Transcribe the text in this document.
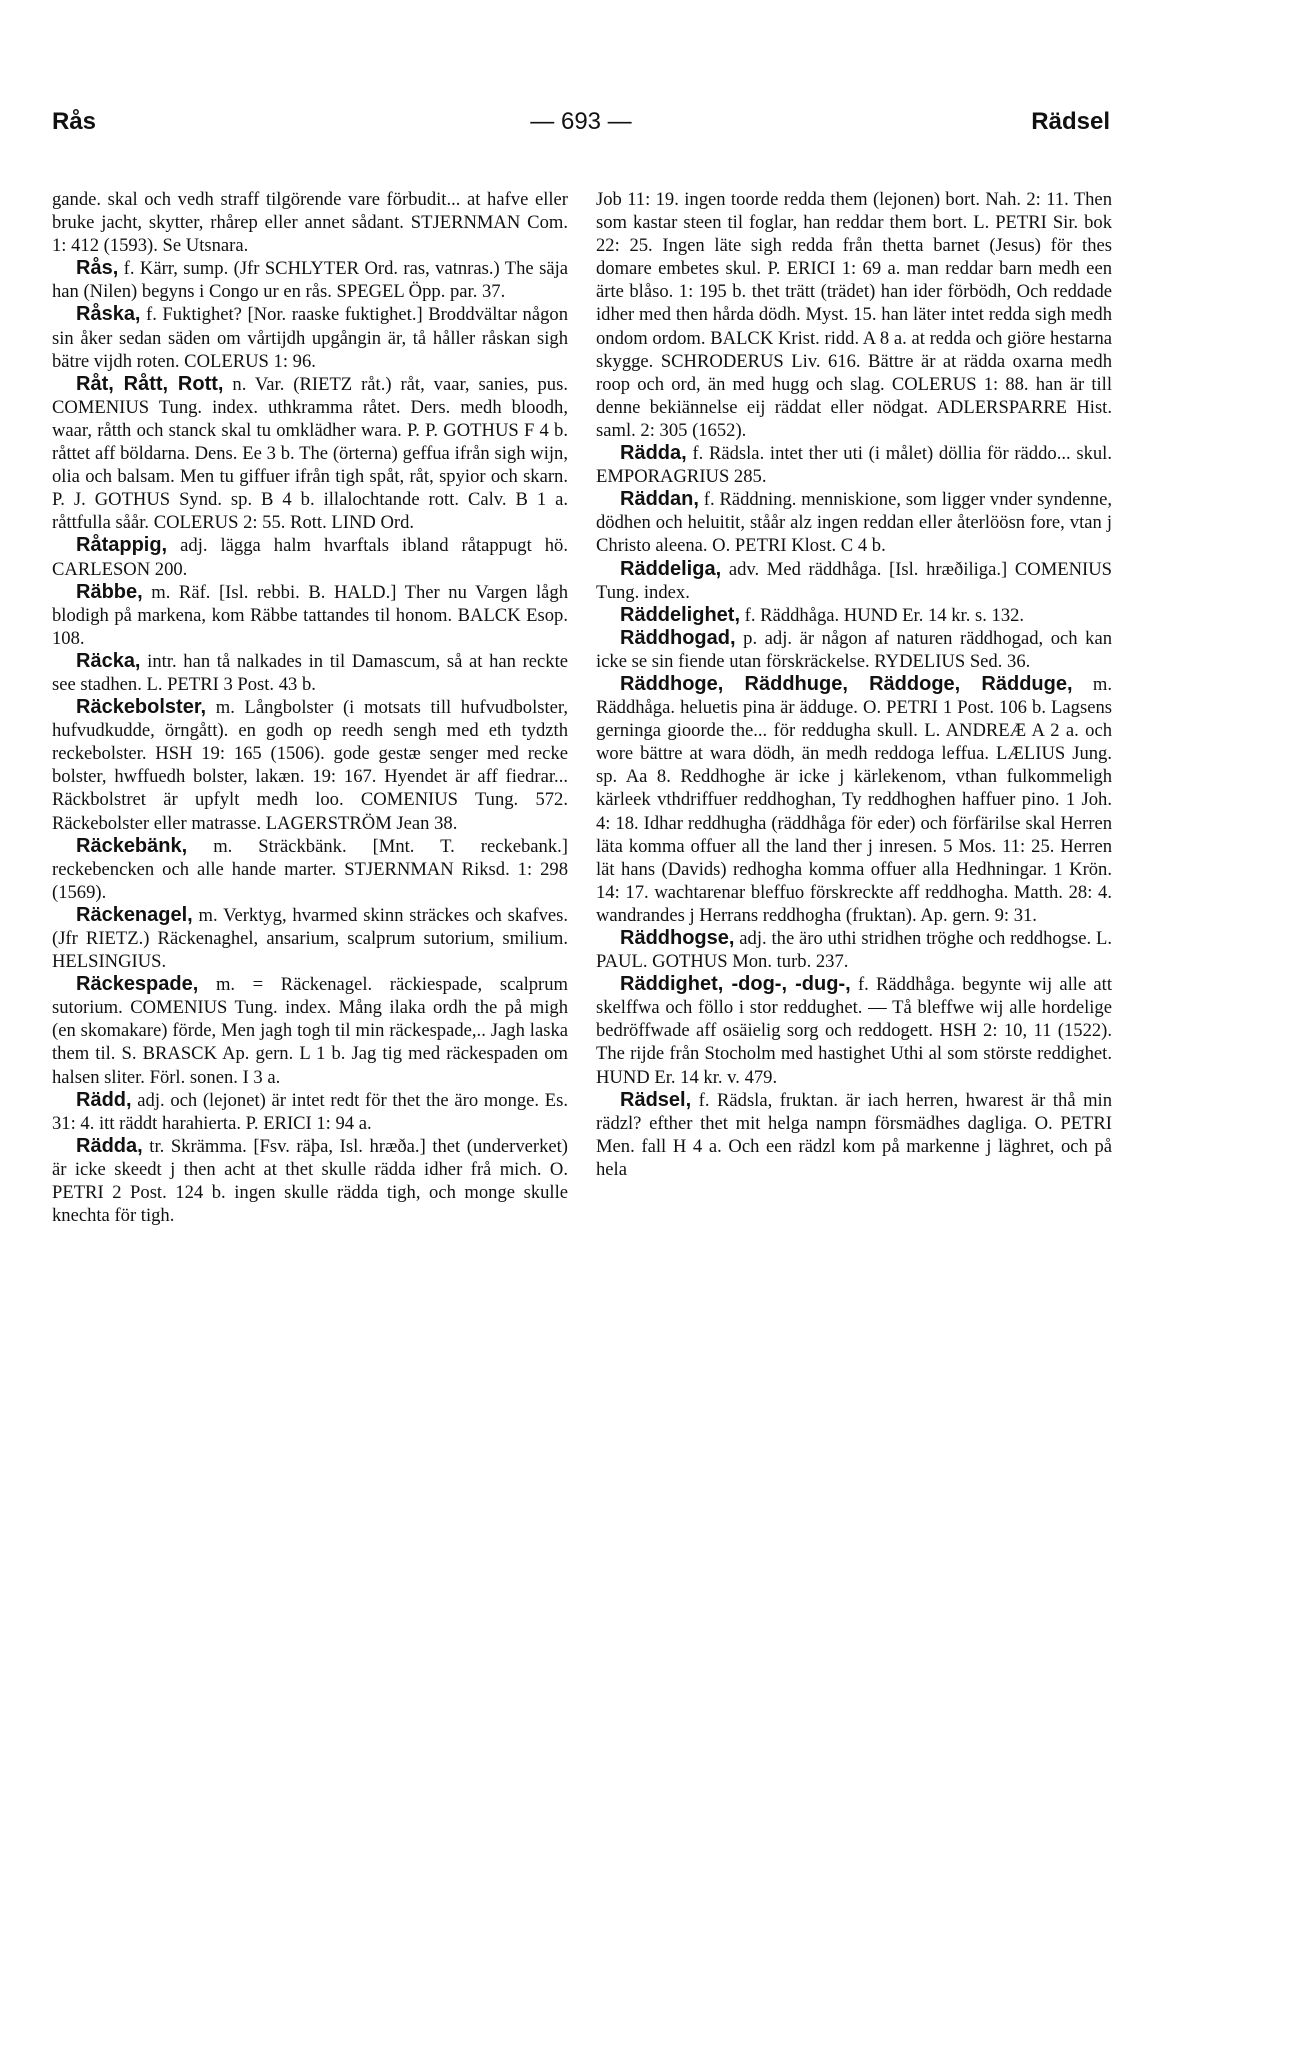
Rås	— 693 —	Rädsel

gande. skal och vedh straff tilgörende vare förbudit... at hafve eller bruke jacht, skytter, rhårep eller annet sådant. STJERNMAN Com. 1: 412 (1593). Se Utsnara.

Rås, f. Kärr, sump. (Jfr SCHLYTER Ord. ras, vatnras.) The säja han (Nilen) begyns i Congo ur en rås. SPEGEL Öpp. par. 37.

Råska, f. Fuktighet? [Nor. raaske fuktighet.] Broddvältar någon sin åker sedan säden om vårtijdh upgångin är, tå håller råskan sigh bätre vijdh roten. COLERUS 1: 96.

Råt, Rått, Rott, n. Var. (RIETZ råt.) råt, vaar, sanies, pus. COMENIUS Tung. index. uthkramma råtet. Ders. medh bloodh, waar, råtth och stanck skal tu omklädher wara. P. P. GOTHUS F 4 b. råttet aff böldarna. Dens. Ee 3 b. The (örterna) geffua ifrån sigh wijn, olia och balsam. Men tu giffuer ifrån tigh spåt, råt, spyior och skarn. P. J. GOTHUS Synd. sp. B 4 b. illalochtande rott. Calv. B 1 a. råttfulla såår. COLERUS 2: 55. Rott. LIND Ord.

Råtappig, adj. lägga halm hvarftals ibland råtappugt hö. CARLESON 200.

Räbbe, m. Räf. [Isl. rebbi. B. HALD.] Ther nu Vargen lågh blodigh på markena, kom Räbbe tattandes til honom. BALCK Esop. 108.

Räcka, intr. han tå nalkades in til Damascum, så at han reckte see stadhen. L. PETRI 3 Post. 43 b.

Räckebolster, m. Långbolster (i motsats till hufvudbolster, hufvudkudde, örngått). en godh op reedh sengh med eth tydzth reckebolster. HSH 19: 165 (1506). gode gestæ senger med recke bolster, hwffuedh bolster, lakæn. 19: 167. Hyendet är aff fiedrar... Räckbolstret är upfylt medh loo. COMENIUS Tung. 572. Räckebolster eller matrasse. LAGERSTRÖM Jean 38.

Räckebänk, m. Sträckbänk. [Mnt. T. reckebank.] reckebencken och alle hande marter. STJERNMAN Riksd. 1: 298 (1569).

Räckenagel, m. Verktyg, hvarmed skinn sträckes och skafves. (Jfr RIETZ.) Räckenaghel, ansarium, scalprum sutorium, smilium. HELSINGIUS.

Räckespade, m. = Räckenagel. räckiespade, scalprum sutorium. COMENIUS Tung. index. Mång ilaka ordh the på migh (en skomakare) förde, Men jagh togh til min räckespade,.. Jagh laska them til. S. BRASCK Ap. gern. L 1 b. Jag tig med räckespaden om halsen sliter. Förl. sonen. I 3 a.

Rädd, adj. och (lejonet) är intet redt för thet the äro monge. Es. 31: 4. itt räddt harahierta. P. ERICI 1: 94 a.

Rädda, tr. Skrämma. [Fsv. räþa, Isl. hræða.] thet (underverket) är icke skeedt j then acht at thet skulle rädda idher frå mich. O. PETRI 2 Post. 124 b. ingen skulle rädda tigh, och monge skulle knechta för tigh.

Job 11: 19. ingen toorde redda them (lejonen) bort. Nah. 2: 11. Then som kastar steen til foglar, han reddar them bort. L. PETRI Sir. bok 22: 25. Ingen läte sigh redda från thetta barnet (Jesus) för thes domare embetes skul. P. ERICI 1: 69 a. man reddar barn medh een ärte blåso. 1: 195 b. thet trätt (trädet) han ider förbödh, Och reddade idher med then hårda dödh. Myst. 15. han läter intet redda sigh medh ondom ordom. BALCK Krist. ridd. A 8 a. at redda och giöre hestarna skygge. SCHRODERUS Liv. 616. Bättre är at rädda oxarna medh roop och ord, än med hugg och slag. COLERUS 1: 88. han är till denne bekiännelse eij räddat eller nödgat. ADLERSPARRE Hist. saml. 2: 305 (1652).

Rädda, f. Rädsla. intet ther uti (i målet) döllia för räddo... skul. EMPORAGRIUS 285.

Räddan, f. Räddning. menniskione, som ligger vnder syndenne, dödhen och heluitit, ståår alz ingen reddan eller återlöösn fore, vtan j Christo aleena. O. PETRI Klost. C 4 b.

Räddeliga, adv. Med räddhåga. [Isl. hræðiliga.] COMENIUS Tung. index.

Räddelighet, f. Räddhåga. HUND Er. 14 kr. s. 132.

Räddhogad, p. adj. är någon af naturen räddhogad, och kan icke se sin fiende utan förskräckelse. RYDELIUS Sed. 36.

Räddhoge, Räddhuge, Räddoge, Rädduge, m. Räddhåga. heluetis pina är ädduge. O. PETRI 1 Post. 106 b. Lagsens gerninga gioorde the... för reddugha skull. L. ANDREÆ A 2 a. och wore bättre at wara dödh, än medh reddoga leffua. LÆLIUS Jung. sp. Aa 8. Reddhoghe är icke j kärlekenom, vthan fulkommeligh kärleek vthdriffuer reddhoghan, Ty reddhoghen haffuer pino. 1 Joh. 4: 18. Idhar reddhugha (räddhåga för eder) och förfärilse skal Herren läta komma offuer all the land ther j inresen. 5 Mos. 11: 25. Herren lät hans (Davids) redhogha komma offuer alla Hedhningar. 1 Krön. 14: 17. wachtarenar bleffuo förskreckte aff reddhogha. Matth. 28: 4. wandrandes j Herrans reddhogha (fruktan). Ap. gern. 9: 31.

Räddhogse, adj. the äro uthi stridhen tröghe och reddhogse. L. PAUL. GOTHUS Mon. turb. 237.

Räddighet, -dog-, -dug-, f. Räddhåga. begynte wij alle att skelffwa och föllo i stor reddughet. — Tå bleffwe wij alle hordelige bedröffwade aff osäielig sorg och reddogett. HSH 2: 10, 11 (1522). The rijde från Stocholm med hastighet Uthi al som störste reddighet. HUND Er. 14 kr. v. 479.

Rädsel, f. Rädsla, fruktan. är iach herren, hwarest är thå min rädzl? efther thet mit helga nampn försmädhes dagliga. O. PETRI Men. fall H 4 a. Och een rädzl kom på markenne j läghret, och på hela
